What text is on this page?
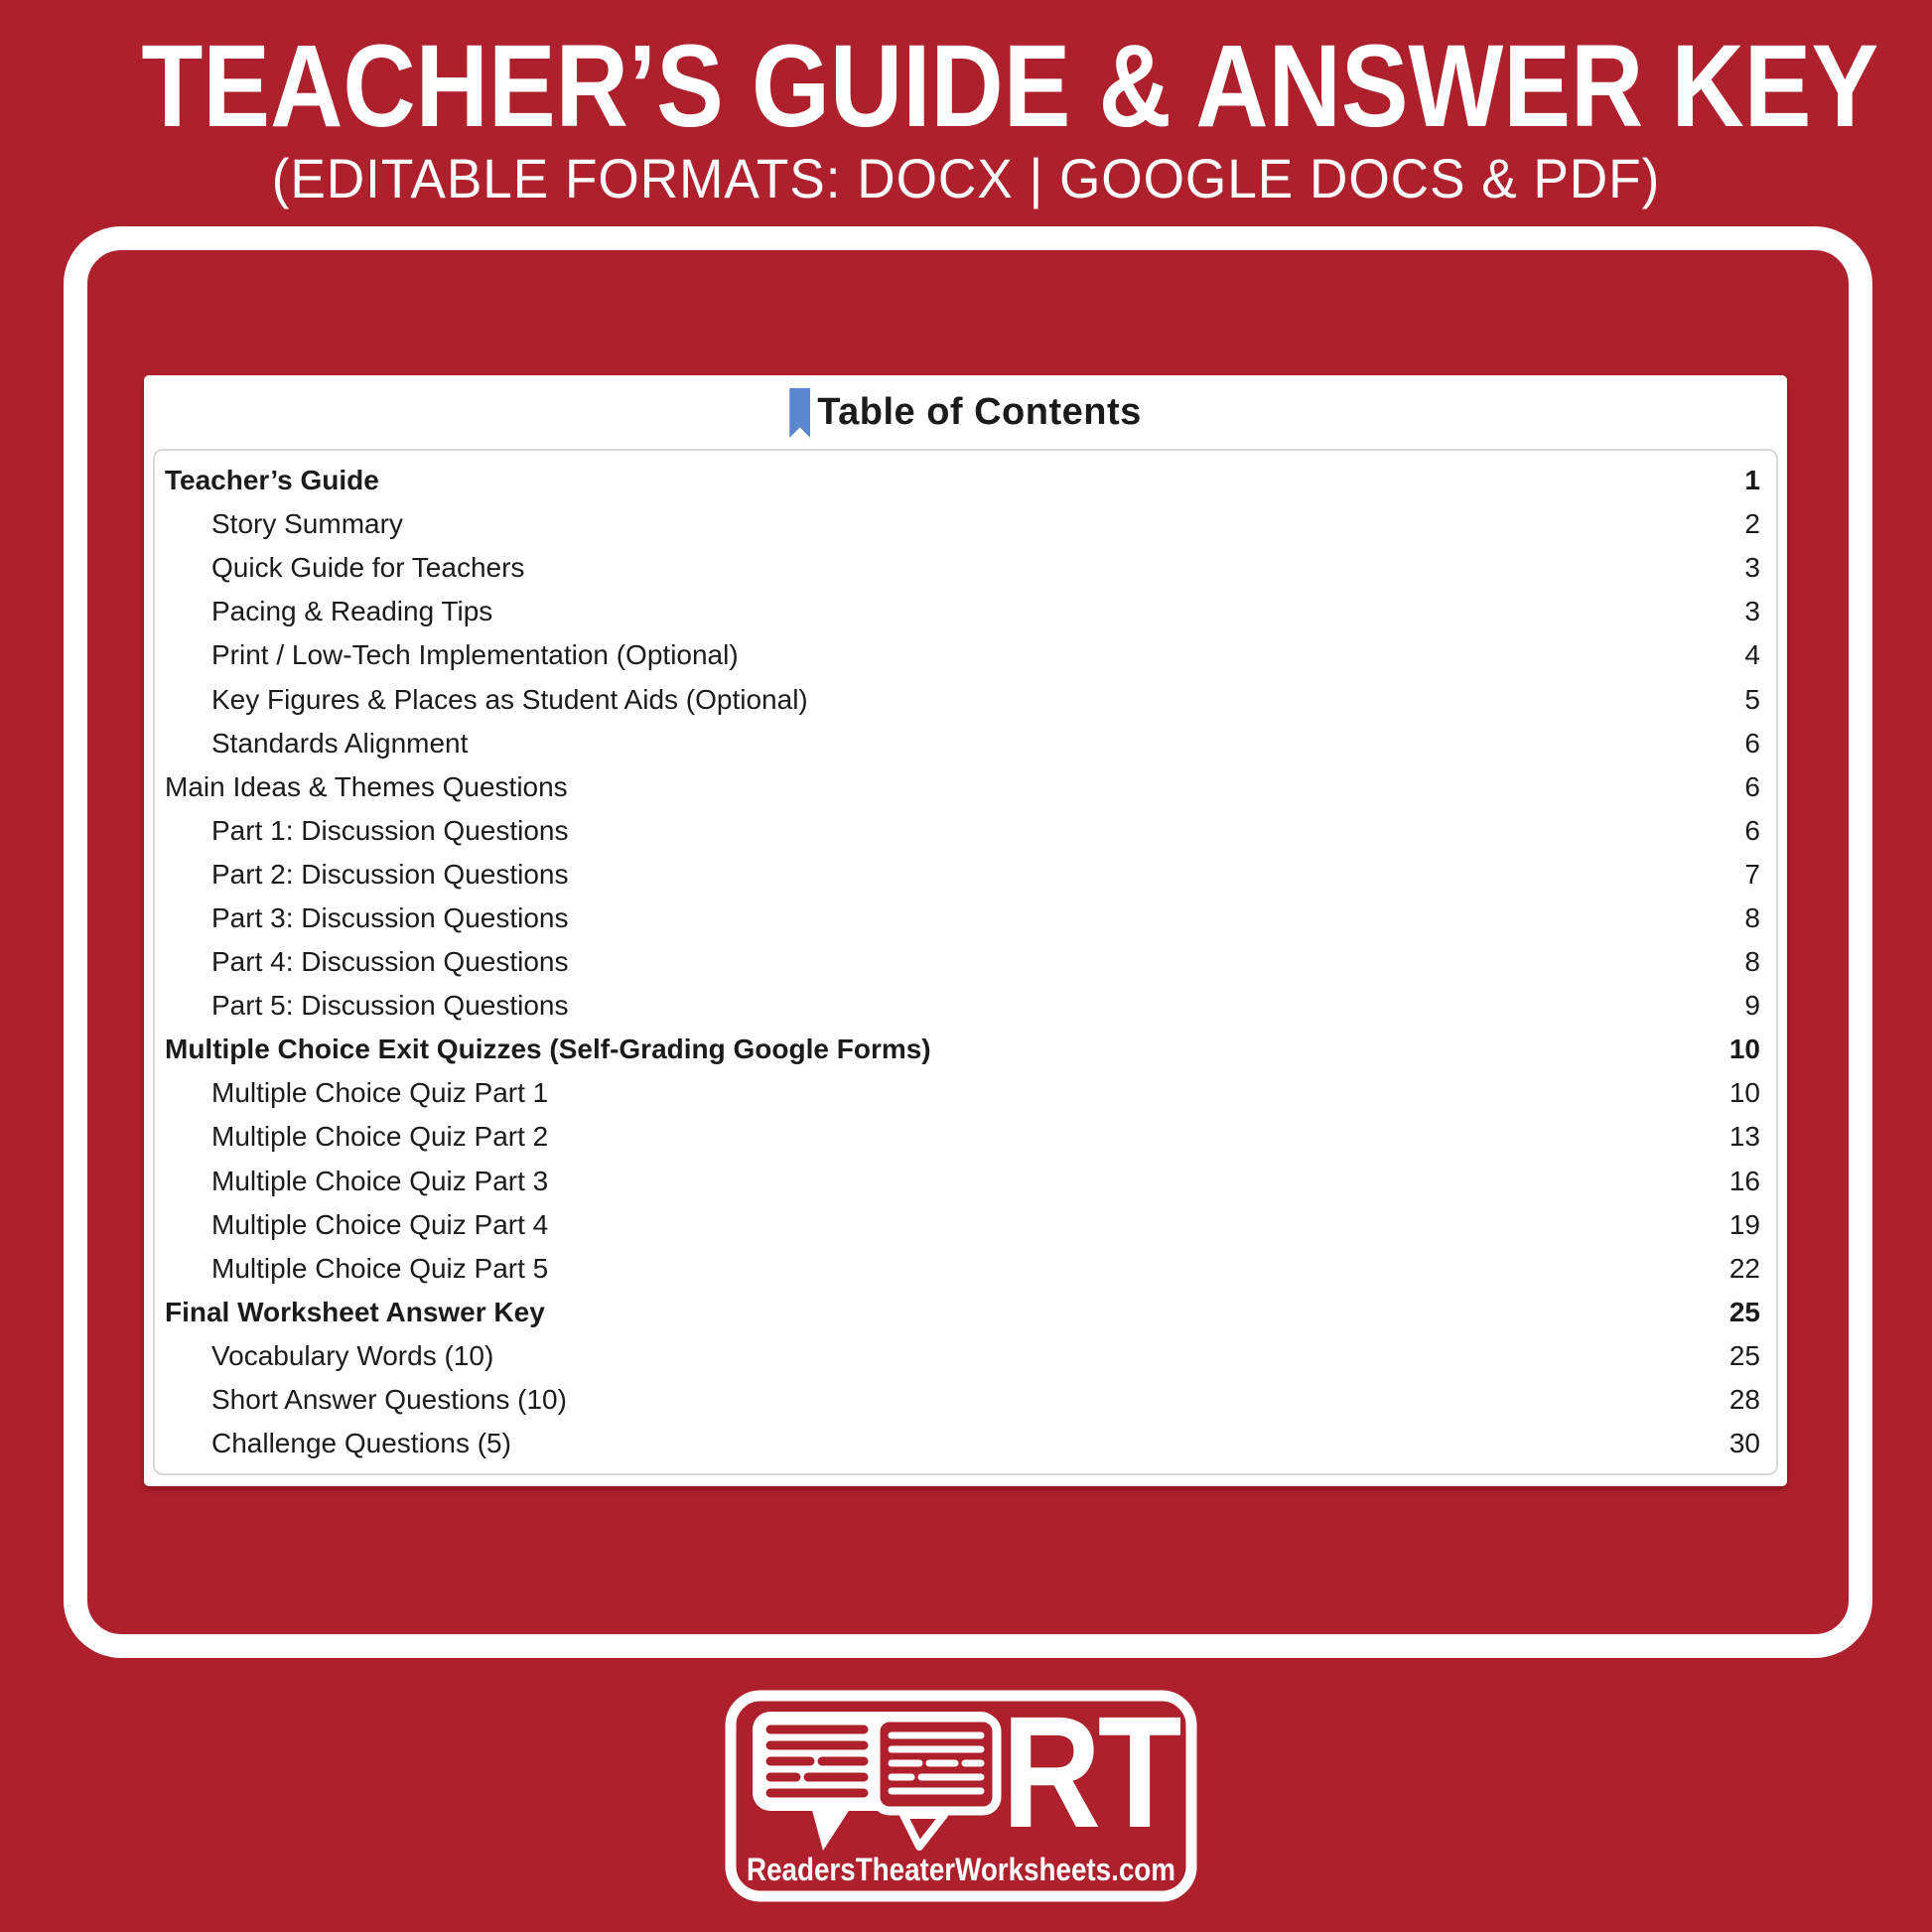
TEACHER’S GUIDE & ANSWER KEY
(EDITABLE FORMATS: DOCX | GOOGLE DOCS & PDF)
Table of Contents
Teacher’s Guide	1
Story Summary	2
Quick Guide for Teachers	3
Pacing & Reading Tips	3
Print / Low-Tech Implementation (Optional)	4
Key Figures & Places as Student Aids (Optional)	5
Standards Alignment	6
Main Ideas & Themes Questions	6
Part 1: Discussion Questions	6
Part 2: Discussion Questions	7
Part 3: Discussion Questions	8
Part 4: Discussion Questions	8
Part 5: Discussion Questions	9
Multiple Choice Exit Quizzes (Self-Grading Google Forms)	10
Multiple Choice Quiz Part 1	10
Multiple Choice Quiz Part 2	13
Multiple Choice Quiz Part 3	16
Multiple Choice Quiz Part 4	19
Multiple Choice Quiz Part 5	22
Final Worksheet Answer Key	25
Vocabulary Words (10)	25
Short Answer Questions (10)	28
Challenge Questions (5)	30
RT
ReadersTheaterWorksheets.com
